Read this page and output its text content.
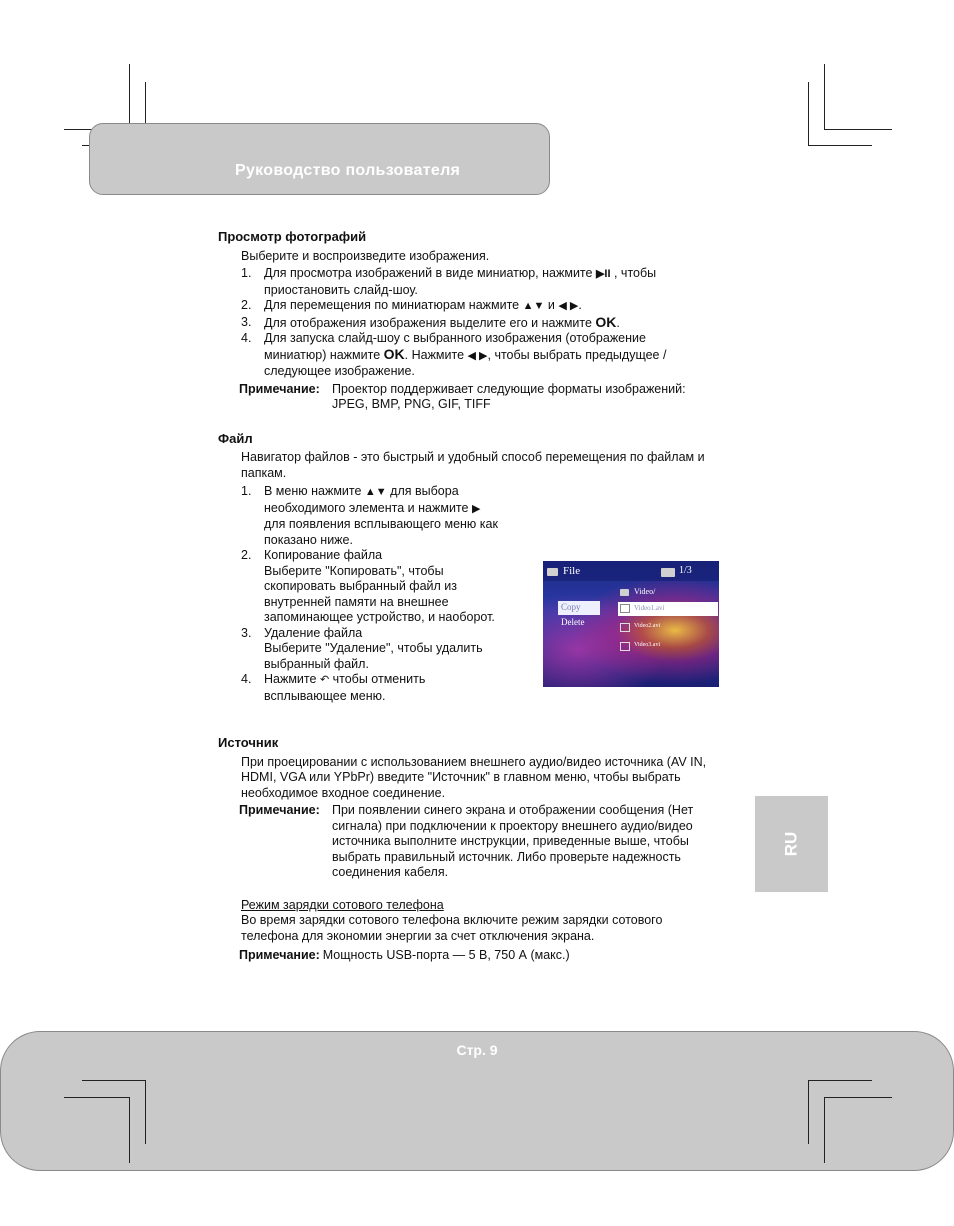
Руководство пользователя
RU
Просмотр фотографий

Выберите и воспроизведите изображения.

1. Для просмотра изображений в виде миниатюр, нажмите ▶II , чтобы
приостановить слайд-шоу.
2. Для перемещения по миниатюрам нажмите ▲▼ и ◀ ▶.
3. Для отображения изображения выделите его и нажмите OK.
4. Для запуска слайд-шоу с выбранного изображения (отображение
миниатюр) нажмите OK. Нажмите ◀ ▶, чтобы выбрать предыдущее /
следующее изображение.
Примечание: Проектор поддерживает следующие форматы изображений:
JPEG, BMP, PNG, GIF, TIFF
Файл

Навигатор файлов - это быстрый и удобный способ перемещения по файлам и

папкам.

1. В меню нажмите ▲▼ для выбора
необходимого элемента и нажмите ▶
для появления всплывающего меню как
показано ниже.
2. Копирование файла
Выберите "Копировать", чтобы
скопировать выбранный файл из
внутренней памяти на внешнее
запоминающее устройство, и наоборот.
3. Удаление файла
Выберите "Удаление", чтобы удалить
выбранный файл.
4. Нажмите ↶ чтобы отменить
всплывающее меню.
Источник

При проецировании с использованием внешнего аудио/видео источника (AV IN,

HDMI, VGA или YPbPr) введите "Источник" в главном меню, чтобы выбрать

необходимое входное соединение.

Примечание: При появлении синего экрана и отображении сообщения (Нет
сигнала) при подключении к проектору внешнего аудио/видео
источника выполните инструкции, приведенные выше, чтобы
выбрать правильный источник. Либо проверьте надежность
соединения кабеля.

Режим зарядки сотового телефона

Во время зарядки сотового телефона включите режим зарядки сотового

телефона для экономии энергии за счет отключения экрана.

Примечание: Мощность USB-порта — 5 В, 750 А (макс.)
File	1/3
Copy
Delete
Video/
Video1.avi
Video2.avi
Video3.avi
Стр. 9
